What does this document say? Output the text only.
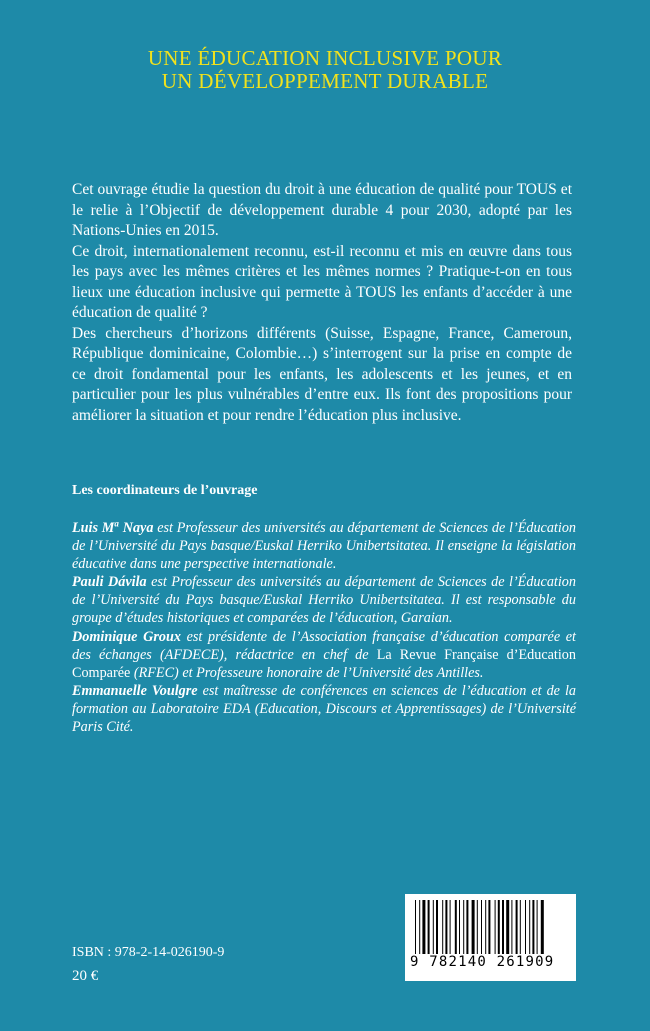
UNE ÉDUCATION INCLUSIVE POUR
UN DÉVELOPPEMENT DURABLE

Cet ouvrage étudie la question du droit à une éducation de qualité pour TOUS et le relie à l’Objectif de développement durable 4 pour 2030, adopté par les Nations-Unies en 2015.

Ce droit, internationalement reconnu, est-il reconnu et mis en œuvre dans tous les pays avec les mêmes critères et les mêmes normes ? Pratique-t-on en tous lieux une éducation inclusive qui permette à TOUS les enfants d’accéder à une éducation de qualité ?

Des chercheurs d’horizons différents (Suisse, Espagne, France, Cameroun, République dominicaine, Colombie…) s’interrogent sur la prise en compte de ce droit fondamental pour les enfants, les adolescents et les jeunes, et en particulier pour les plus vulnérables d’entre eux. Ils font des propositions pour améliorer la situation et pour rendre l’éducation plus inclusive.

Les coordinateurs de l’ouvrage

Luis $M^a$ Naya est Professeur des universités au département de Sciences de l’Éducation de l’Université du Pays basque/Euskal Herriko Unibertsitatea. Il enseigne la législation éducative dans une perspective internationale.

Pauli Dávila est Professeur des universités au département de Sciences de l’Éducation de l’Université du Pays basque/Euskal Herriko Unibertsitatea. Il est responsable du groupe d’études historiques et comparées de l’éducation, Garaian.

Dominique Groux est présidente de l’Association française d’éducation comparée et des échanges (AFDECE), rédactrice en chef de La Revue Française d’Education Comparée (RFEC) et Professeure honoraire de l’Université des Antilles.

Emmanuelle Voulgre est maîtresse de conférences en sciences de l’éducation et de la formation au Laboratoire EDA (Education, Discours et Apprentissages) de l’Université Paris Cité.

ISBN : 978-2-14-026190-9
20 €
9 782140 261909
